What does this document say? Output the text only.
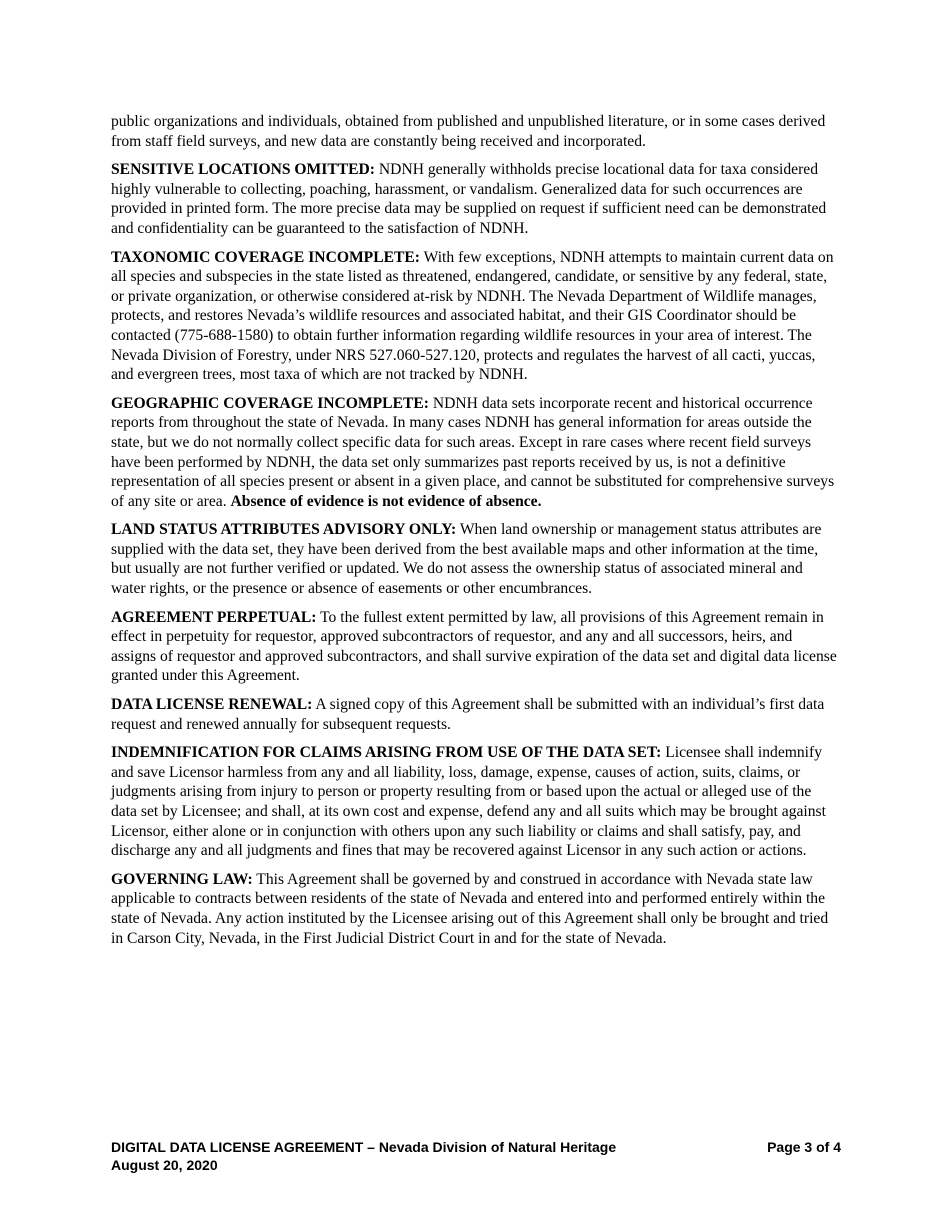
public organizations and individuals, obtained from published and unpublished literature, or in some cases derived from staff field surveys, and new data are constantly being received and incorporated.

SENSITIVE LOCATIONS OMITTED: NDNH generally withholds precise locational data for taxa considered highly vulnerable to collecting, poaching, harassment, or vandalism. Generalized data for such occurrences are provided in printed form. The more precise data may be supplied on request if sufficient need can be demonstrated and confidentiality can be guaranteed to the satisfaction of NDNH.

TAXONOMIC COVERAGE INCOMPLETE: With few exceptions, NDNH attempts to maintain current data on all species and subspecies in the state listed as threatened, endangered, candidate, or sensitive by any federal, state, or private organization, or otherwise considered at-risk by NDNH. The Nevada Department of Wildlife manages, protects, and restores Nevada’s wildlife resources and associated habitat, and their GIS Coordinator should be contacted (775-688-1580) to obtain further information regarding wildlife resources in your area of interest. The Nevada Division of Forestry, under NRS 527.060-527.120, protects and regulates the harvest of all cacti, yuccas, and evergreen trees, most taxa of which are not tracked by NDNH.

GEOGRAPHIC COVERAGE INCOMPLETE: NDNH data sets incorporate recent and historical occurrence reports from throughout the state of Nevada. In many cases NDNH has general information for areas outside the state, but we do not normally collect specific data for such areas. Except in rare cases where recent field surveys have been performed by NDNH, the data set only summarizes past reports received by us, is not a definitive representation of all species present or absent in a given place, and cannot be substituted for comprehensive surveys of any site or area. Absence of evidence is not evidence of absence.

LAND STATUS ATTRIBUTES ADVISORY ONLY: When land ownership or management status attributes are supplied with the data set, they have been derived from the best available maps and other information at the time, but usually are not further verified or updated. We do not assess the ownership status of associated mineral and water rights, or the presence or absence of easements or other encumbrances.

AGREEMENT PERPETUAL: To the fullest extent permitted by law, all provisions of this Agreement remain in effect in perpetuity for requestor, approved subcontractors of requestor, and any and all successors, heirs, and assigns of requestor and approved subcontractors, and shall survive expiration of the data set and digital data license granted under this Agreement.

DATA LICENSE RENEWAL: A signed copy of this Agreement shall be submitted with an individual’s first data request and renewed annually for subsequent requests.

INDEMNIFICATION FOR CLAIMS ARISING FROM USE OF THE DATA SET: Licensee shall indemnify and save Licensor harmless from any and all liability, loss, damage, expense, causes of action, suits, claims, or judgments arising from injury to person or property resulting from or based upon the actual or alleged use of the data set by Licensee; and shall, at its own cost and expense, defend any and all suits which may be brought against Licensor, either alone or in conjunction with others upon any such liability or claims and shall satisfy, pay, and discharge any and all judgments and fines that may be recovered against Licensor in any such action or actions.

GOVERNING LAW: This Agreement shall be governed by and construed in accordance with Nevada state law applicable to contracts between residents of the state of Nevada and entered into and performed entirely within the state of Nevada. Any action instituted by the Licensee arising out of this Agreement shall only be brought and tried in Carson City, Nevada, in the First Judicial District Court in and for the state of Nevada.

DIGITAL DATA LICENSE AGREEMENT – Nevada Division of Natural Heritage	Page 3 of 4
August 20, 2020
